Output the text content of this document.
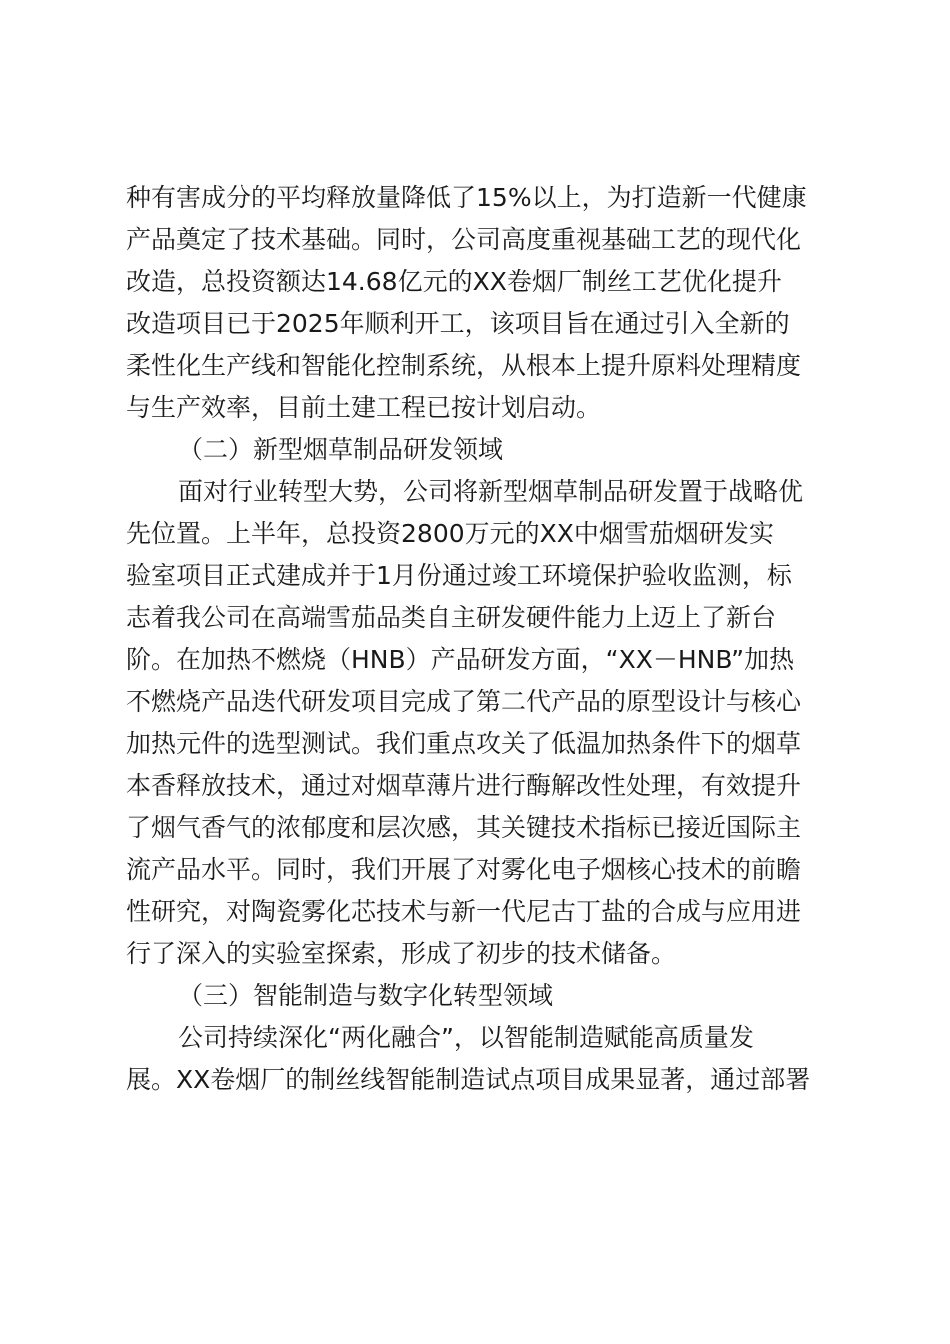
种有害成分的平均释放量降低了15%以上，为打造新一代健康
产品奠定了技术基础。同时，公司高度重视基础工艺的现代化
改造，总投资额达14.68亿元的XX卷烟厂制丝工艺优化提升
改造项目已于2025年顺利开工，该项目旨在通过引入全新的
柔性化生产线和智能化控制系统，从根本上提升原料处理精度
与生产效率，目前土建工程已按计划启动。
（二）新型烟草制品研发领域
面对行业转型大势，公司将新型烟草制品研发置于战略优
先位置。上半年，总投资2800万元的XX中烟雪茄烟研发实
验室项目正式建成并于1月份通过竣工环境保护验收监测，标
志着我公司在高端雪茄品类自主研发硬件能力上迈上了新台
阶。在加热不燃烧（HNB）产品研发方面，“XX－HNB”加热
不燃烧产品迭代研发项目完成了第二代产品的原型设计与核心
加热元件的选型测试。我们重点攻关了低温加热条件下的烟草
本香释放技术，通过对烟草薄片进行酶解改性处理，有效提升
了烟气香气的浓郁度和层次感，其关键技术指标已接近国际主
流产品水平。同时，我们开展了对雾化电子烟核心技术的前瞻
性研究，对陶瓷雾化芯技术与新一代尼古丁盐的合成与应用进
行了深入的实验室探索，形成了初步的技术储备。
（三）智能制造与数字化转型领域
公司持续深化“两化融合”，以智能制造赋能高质量发
展。XX卷烟厂的制丝线智能制造试点项目成果显著，通过部署
